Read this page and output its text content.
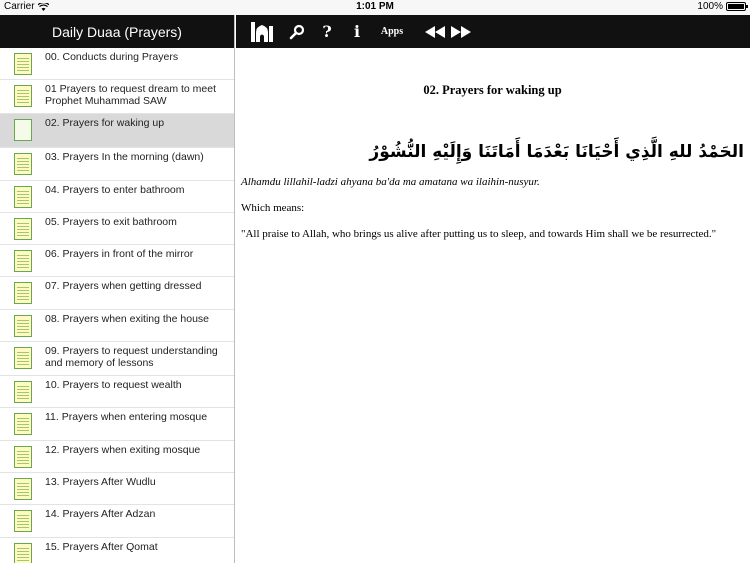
Carrier	1:01 PM	100%
Daily Duaa (Prayers)
00. Conducts during Prayers
01 Prayers to request dream to meet Prophet Muhammad SAW
02. Prayers for waking up
03. Prayers In the morning (dawn)
04. Prayers to enter bathroom
05. Prayers to exit bathroom
06. Prayers in front of the mirror
07. Prayers when getting dressed
08. Prayers when exiting the house
09. Prayers to request understanding and memory of lessons
10. Prayers to request wealth
11. Prayers when entering mosque
12. Prayers when exiting mosque
13. Prayers After Wudlu
14. Prayers After Adzan
15. Prayers After Qomat
? i Apps
02. Prayers for waking up
الحَمْدُ للهِ الَّذِي أَحْيَانَا بَعْدَمَا أَمَاتَنَا وَإِلَيْهِ النُّشُوْرُ
Alhamdu lillahil-ladzi ahyana ba'da ma amatana wa ilaihin-nusyur.
Which means:
"All praise to Allah, who brings us alive after putting us to sleep, and towards Him shall we be resurrected."
